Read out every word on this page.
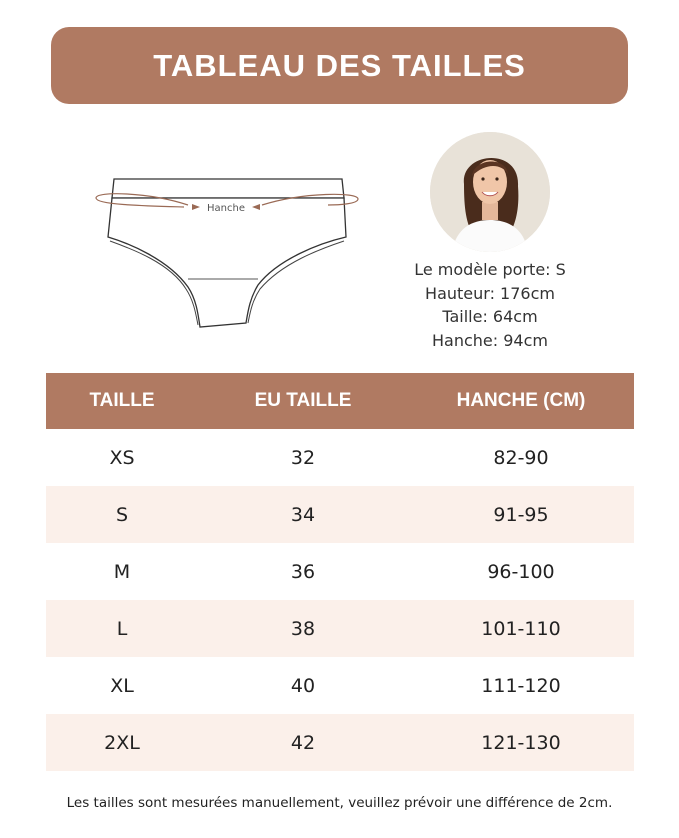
TABLEAU DES TAILLES
Hanche
Le modèle porte: S
Hauteur: 176cm
Taille: 64cm
Hanche: 94cm
TAILLE	EU TAILLE	HANCHE (CM)
XS	32	82-90
S	34	91-95
M	36	96-100
L	38	101-110
XL	40	111-120
2XL	42	121-130
Les tailles sont mesurées manuellement, veuillez prévoir une différence de 2cm.
